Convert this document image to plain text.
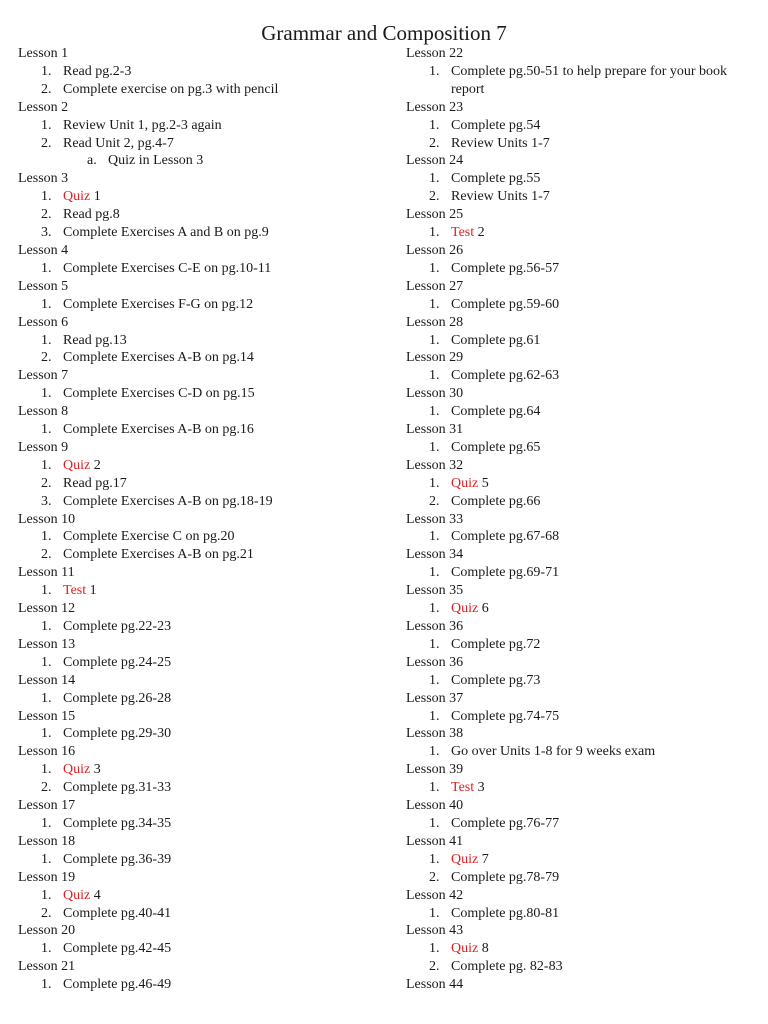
Grammar and Composition 7
Lesson 1
1. Read pg.2-3
2. Complete exercise on pg.3 with pencil
Lesson 2
1. Review Unit 1, pg.2-3 again
2. Read Unit 2, pg.4-7
a. Quiz in Lesson 3
Lesson 3
1. Quiz 1
2. Read pg.8
3. Complete Exercises A and B on pg.9
Lesson 4
1. Complete Exercises C-E on pg.10-11
Lesson 5
1. Complete Exercises F-G on pg.12
Lesson 6
1. Read pg.13
2. Complete Exercises A-B on pg.14
Lesson 7
1. Complete Exercises C-D on pg.15
Lesson 8
1. Complete Exercises A-B on pg.16
Lesson 9
1. Quiz 2
2. Read pg.17
3. Complete Exercises A-B on pg.18-19
Lesson 10
1. Complete Exercise C on pg.20
2. Complete Exercises A-B on pg.21
Lesson 11
1. Test 1
Lesson 12
1. Complete pg.22-23
Lesson 13
1. Complete pg.24-25
Lesson 14
1. Complete pg.26-28
Lesson 15
1. Complete pg.29-30
Lesson 16
1. Quiz 3
2. Complete pg.31-33
Lesson 17
1. Complete pg.34-35
Lesson 18
1. Complete pg.36-39
Lesson 19
1. Quiz 4
2. Complete pg.40-41
Lesson 20
1. Complete pg.42-45
Lesson 21
1. Complete pg.46-49
Lesson 22
1. Complete pg.50-51 to help prepare for your book report
Lesson 23
1. Complete pg.54
2. Review Units 1-7
Lesson 24
1. Complete pg.55
2. Review Units 1-7
Lesson 25
1. Test 2
Lesson 26
1. Complete pg.56-57
Lesson 27
1. Complete pg.59-60
Lesson 28
1. Complete pg.61
Lesson 29
1. Complete pg.62-63
Lesson 30
1. Complete pg.64
Lesson 31
1. Complete pg.65
Lesson 32
1. Quiz 5
2. Complete pg.66
Lesson 33
1. Complete pg.67-68
Lesson 34
1. Complete pg.69-71
Lesson 35
1. Quiz 6
Lesson 36
1. Complete pg.72
Lesson 36
1. Complete pg.73
Lesson 37
1. Complete pg.74-75
Lesson 38
1. Go over Units 1-8 for 9 weeks exam
Lesson 39
1. Test 3
Lesson 40
1. Complete pg.76-77
Lesson 41
1. Quiz 7
2. Complete pg.78-79
Lesson 42
1. Complete pg.80-81
Lesson 43
1. Quiz 8
2. Complete pg. 82-83
Lesson 44
